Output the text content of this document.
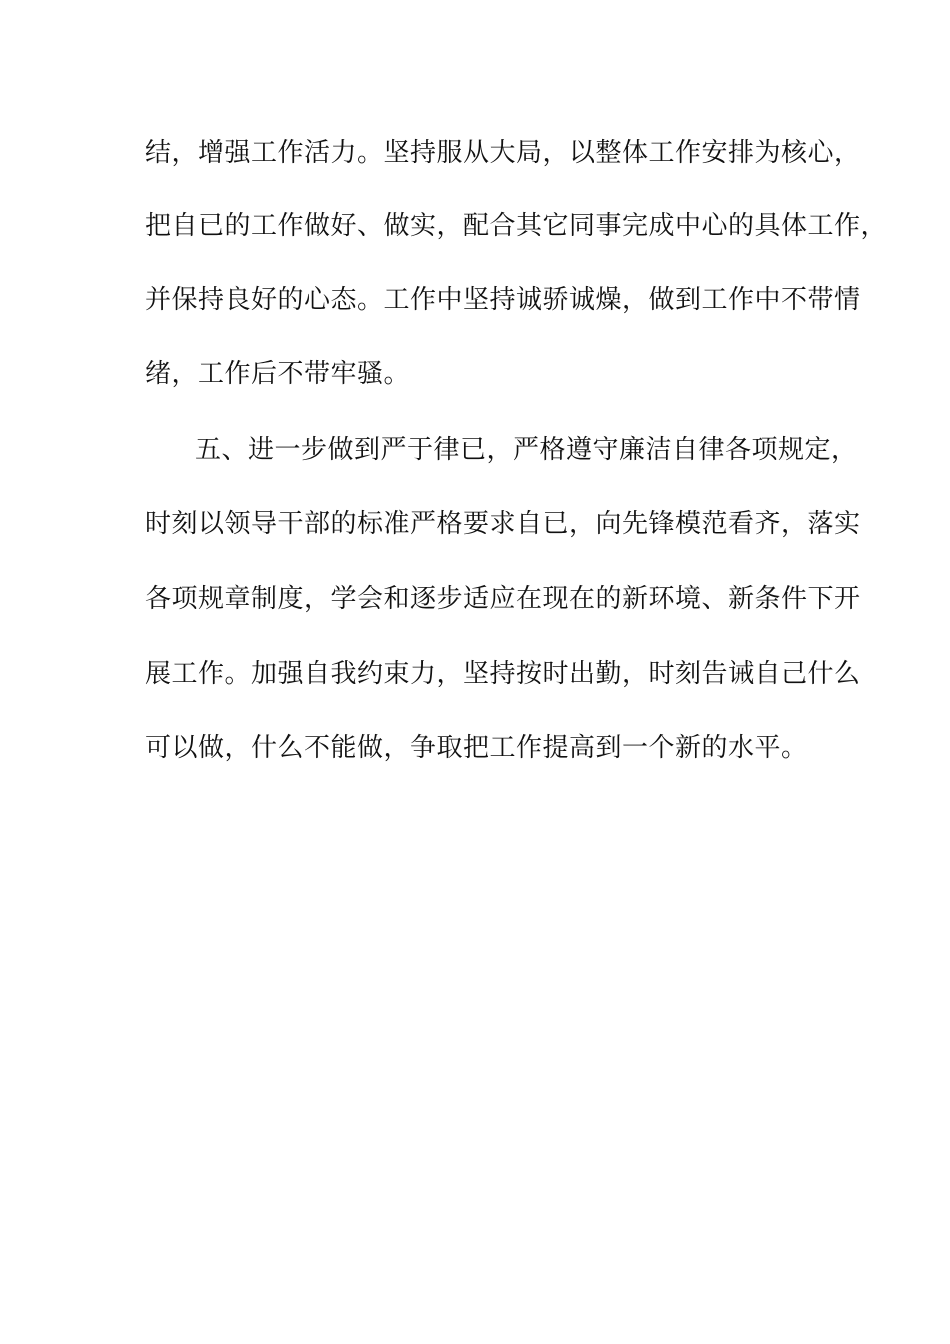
结，增强工作活力。坚持服从大局，以整体工作安排为核心，
把自已的工作做好、做实，配合其它同事完成中心的具体工作，
并保持良好的心态。工作中坚持诚骄诚燥，做到工作中不带情
绪，工作后不带牢骚。
五、进一步做到严于律已，严格遵守廉洁自律各项规定，
时刻以领导干部的标准严格要求自已，向先锋模范看齐，落实
各项规章制度，学会和逐步适应在现在的新环境、新条件下开
展工作。加强自我约束力，坚持按时出勤，时刻告诫自己什么
可以做，什么不能做，争取把工作提高到一个新的水平。
